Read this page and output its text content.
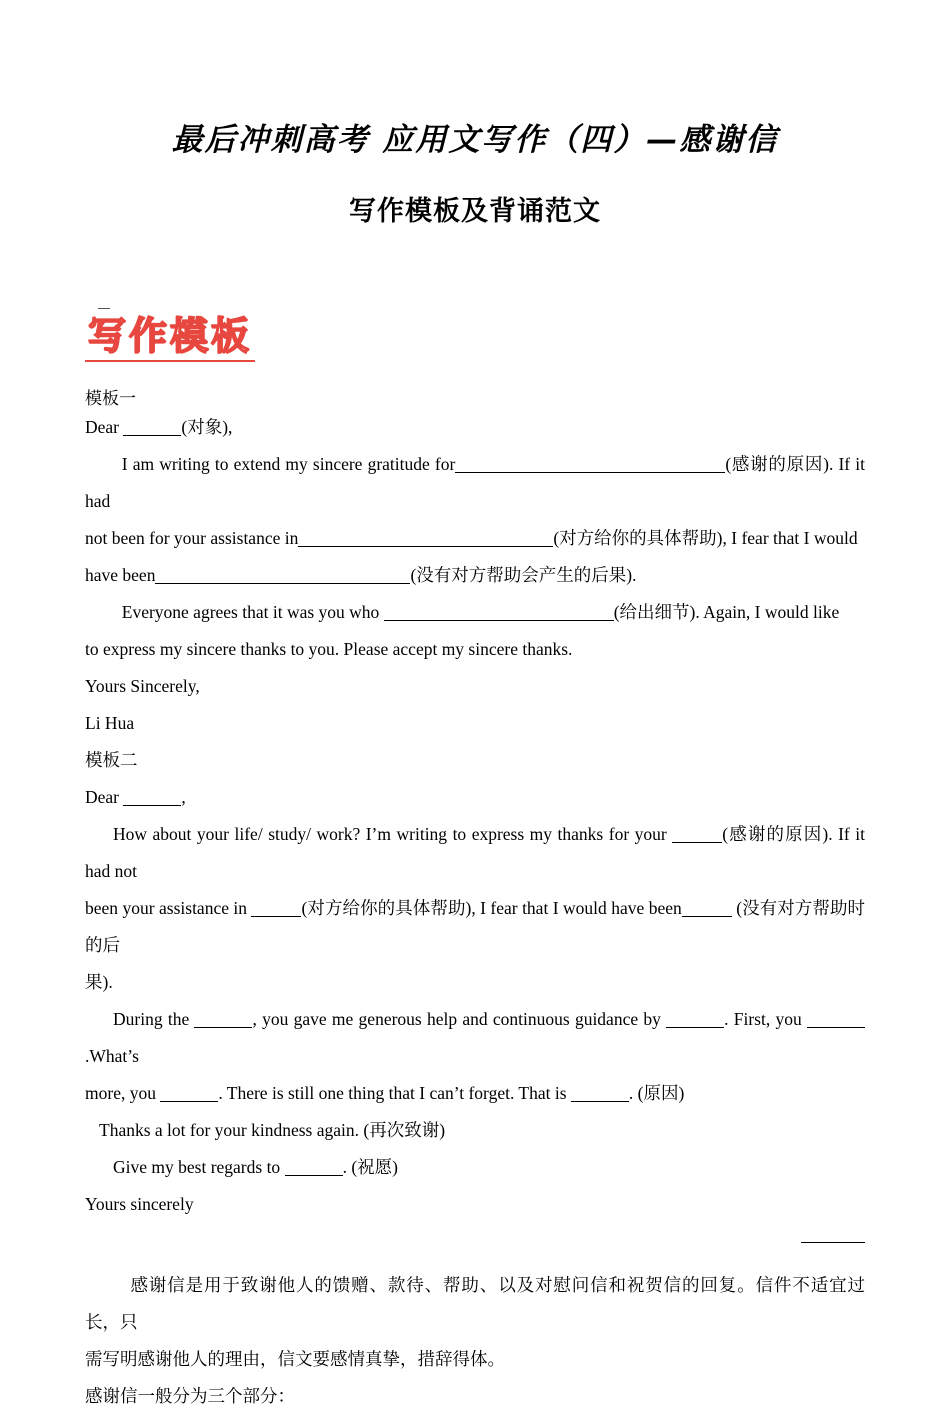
最后冲刺高考 应用文写作（四）—感谢信
写作模板及背诵范文
写作模板
模板一

Dear	(对象),

I am writing to extend my sincere gratitude for	(感谢的原因). If it had

not been for your assistance in	(对方给你的具体帮助), I fear that I would

have been	(没有对方帮助会产生的后果).

Everyone agrees that it was you who	(给出细节). Again, I would like

to express my sincere thanks to you. Please accept my sincere thanks.

Yours Sincerely,

Li Hua

模板二

Dear	,

How about your life/ study/ work? I’m writing to express my thanks for your	(感谢的原因). If it had not

been your assistance in	(对方给你的具体帮助), I fear that I would have been	(没有对方帮助时的后

果).

During the	, you gave me generous help and continuous guidance by	. First, you .What’s

more, you	. There is still one thing that I can’t forget. That is	. (原因)

Thanks a lot for your kindness again. (再次致谢)

Give my best regards to	. (祝愿)

Yours sincerely

感谢信是用于致谢他人的馈赠、款待、帮助、以及对慰问信和祝贺信的回复。信件不适宜过长，只

需写明感谢他人的理由，信文要感情真挚，措辞得体。

感谢信一般分为三个部分：
